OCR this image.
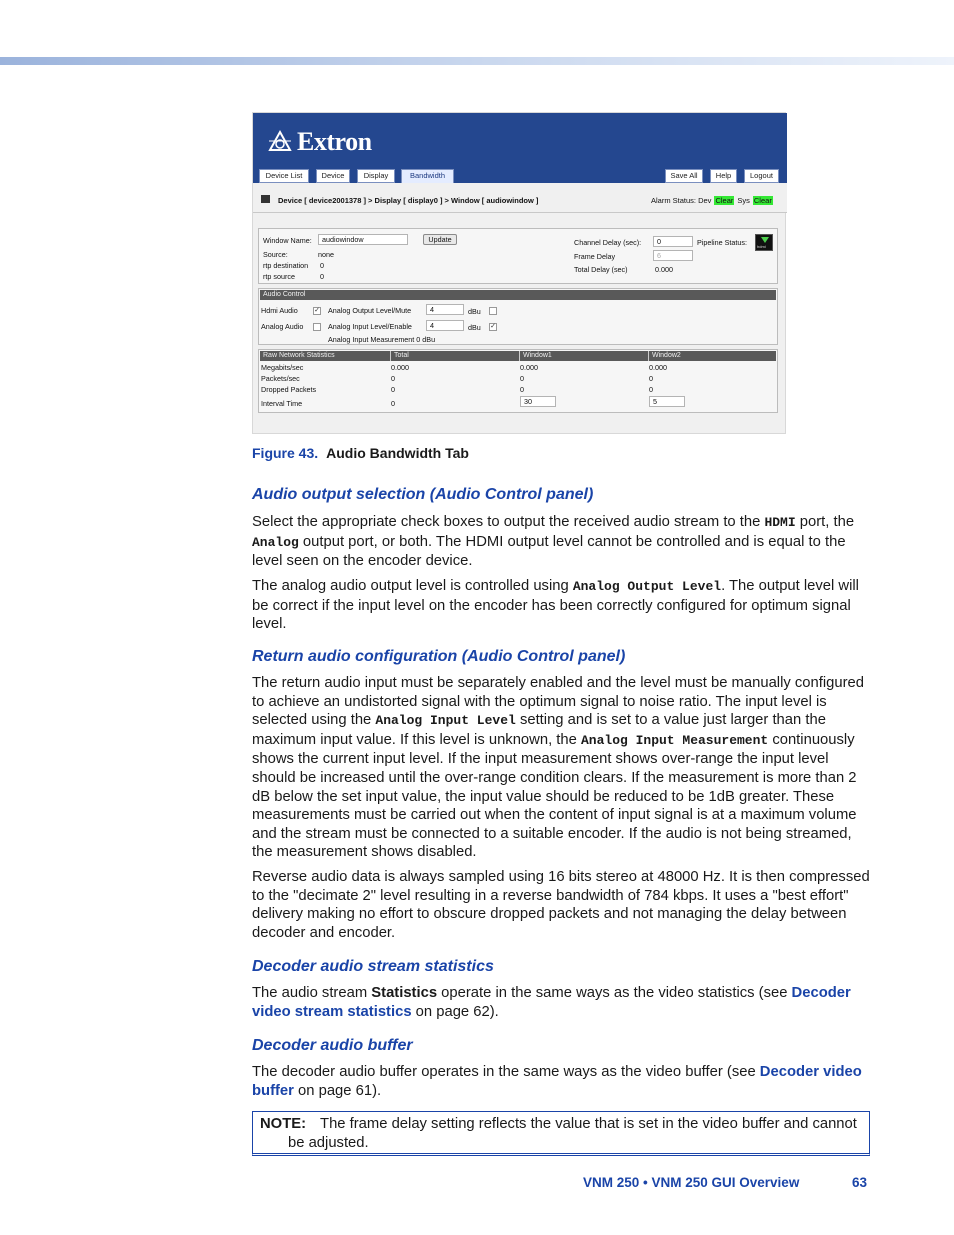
Extron
Device List	Device	Display	Bandwidth	Save All	Help	Logout
Device [ device2001378 ] > Display [ display0 ] > Window [ audiowindow ]	Alarm Status: Dev Clear Sys Clear
Window Name:	audiowindow	Update
Source:	none
rtp destination 0
rtp source	0
Channel Delay (sec):	0
Frame Delay	6
Total Delay (sec)	0.000
Pipeline Status:	hdmi
Audio Control
Hdmi Audio ✓ Analog Output Level/Mute	4	dBu
Analog Audio	Analog Input Level/Enable	4	dBu ✓
Analog Input Measurement 0 dBu
Raw Network Statistics	Total	Window1	Window2
Megabits/sec	0.000	0.000	0.000
Packets/sec	0	0	0
Dropped Packets	0	0	0
Interval Time	0	30	5
Figure 43. Audio Bandwidth Tab
Audio output selection (Audio Control panel)
Select the appropriate check boxes to output the received audio stream to the HDMI port, the Analog output port, or both. The HDMI output level cannot be controlled and is equal to the level seen on the encoder device.
The analog audio output level is controlled using Analog Output Level. The output level will be correct if the input level on the encoder has been correctly configured for optimum signal level.
Return audio configuration (Audio Control panel)
The return audio input must be separately enabled and the level must be manually configured to achieve an undistorted signal with the optimum signal to noise ratio. The input level is selected using the Analog Input Level setting and is set to a value just larger than the maximum input value. If this level is unknown, the Analog Input Measurement continuously shows the current input level. If the input measurement shows over-range the input level should be increased until the over-range condition clears. If the measurement is more than 2 dB below the set input value, the input value should be reduced to be 1dB greater. These measurements must be carried out when the content of input signal is at a maximum volume and the stream must be connected to a suitable encoder. If the audio is not being streamed, the measurement shows disabled.
Reverse audio data is always sampled using 16 bits stereo at 48000 Hz. It is then compressed to the "decimate 2" level resulting in a reverse bandwidth of 784 kbps. It uses a "best effort" delivery making no effort to obscure dropped packets and not managing the delay between decoder and encoder.
Decoder audio stream statistics
The audio stream Statistics operate in the same ways as the video statistics (see Decoder video stream statistics on page 62).
Decoder audio buffer
The decoder audio buffer operates in the same ways as the video buffer (see Decoder video buffer on page 61).
NOTE: The frame delay setting reflects the value that is set in the video buffer and cannot be adjusted.
VNM 250 • VNM 250 GUI Overview	63
